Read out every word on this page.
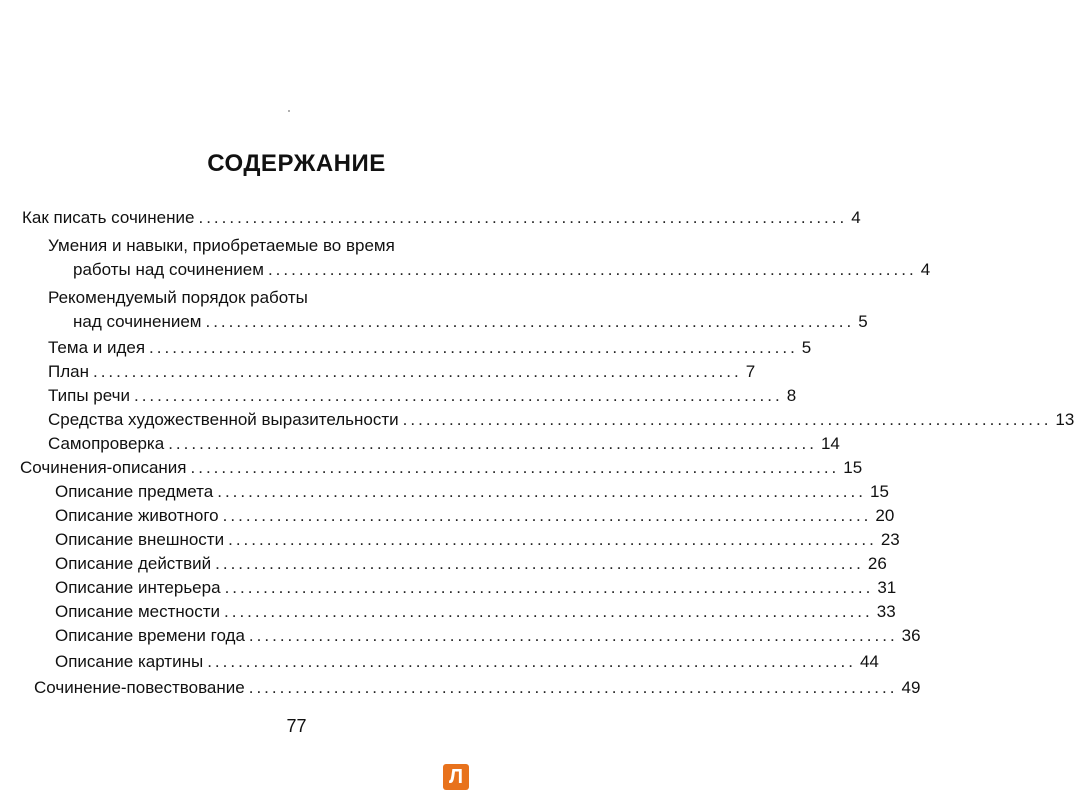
СОДЕРЖАНИЕ
Как писать сочинение .................................................................................... 4
Умения и навыки, приобретаемые во время
работы над сочинением .................................................................................... 4
Рекомендуемый порядок работы
над сочинением .................................................................................... 5
Тема и идея .................................................................................... 5
План .................................................................................... 7
Типы речи .................................................................................... 8
Средства художественной выразительности .................................................................................... 13
Самопроверка .................................................................................... 14
Сочинения-описания .................................................................................... 15
Описание предмета .................................................................................... 15
Описание животного .................................................................................... 20
Описание внешности .................................................................................... 23
Описание действий .................................................................................... 26
Описание интерьера .................................................................................... 31
Описание местности .................................................................................... 33
Описание времени года .................................................................................... 36
Описание картины .................................................................................... 44
Сочинение-повествование .................................................................................... 49
77
Л
